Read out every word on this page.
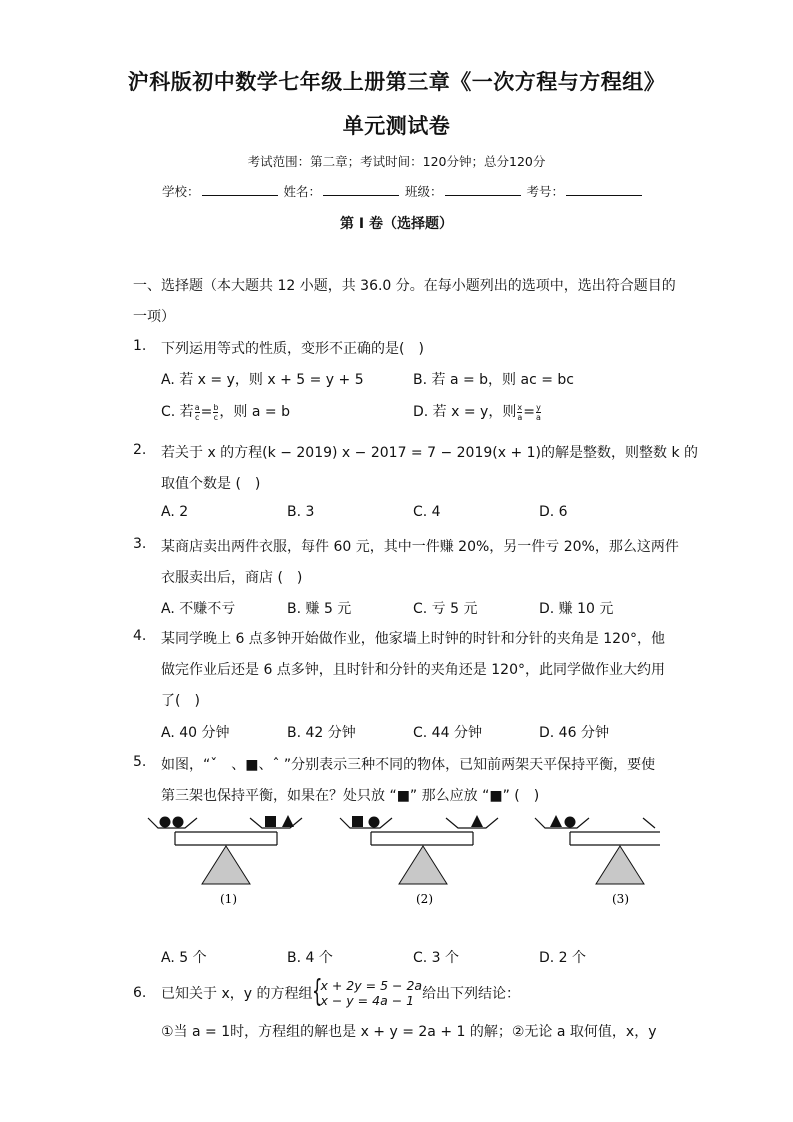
沪科版初中数学七年级上册第三章《一次方程与方程组》
单元测试卷
考试范围：第二章；考试时间：120分钟；总分120分
学校：	姓名：	班级：	考号：
第 I 卷（选择题）
一、选择题（本大题共 12 小题，共 36.0 分。在每小题列出的选项中，选出符合题目的
一项）
1. 下列运用等式的性质，变形不正确的是(　)
A. 若 x = y，则 x + 5 = y + 5	B. 若 a = b，则 ac = bc
C. 若 $\frac{a}{c} = \frac{b}{c}$ ，则 a = b	D. 若 x = y，则 $\frac{x}{a} = \frac{y}{a}$
2. 若关于 x 的方程(k − 2019) x − 2017 = 7 − 2019(x + 1)的解是整数，则整数 k 的
取值个数是 (　)
A. 2	B. 3	C. 4	D. 6
3. 某商店卖出两件衣服，每件 60 元，其中一件赚 20%，另一件亏 20%，那么这两件
衣服卖出后，商店 (　)
A. 不赚不亏	B. 赚 5 元	C. 亏 5 元	D. 赚 10 元
4. 某同学晚上 6 点多钟开始做作业，他家墙上时钟的时针和分针的夹角是 120°，他
做完作业后还是 6 点多钟，且时针和分针的夹角还是 120°，此同学做作业大约用
了(　)
A. 40 分钟	B. 42 分钟	C. 44 分钟	D. 46 分钟
5. 如图，“ˇ　、■、ˆ ”分别表示三种不同的物体，已知前两架天平保持平衡，要使
第三架也保持平衡，如果在？处只放 “■” 那么应放 “■” (　)
(1)	(2)	(3)
A. 5 个	B. 4 个	C. 3 个	D. 2 个
6. 已知关于 x，y 的方程组 {
x + 2y = 5 − 2a
x − y = 4a − 1 给出下列结论：
①当 a = 1时，方程组的解也是 x + y = 2a + 1 的解；②无论 a 取何值，x，y
